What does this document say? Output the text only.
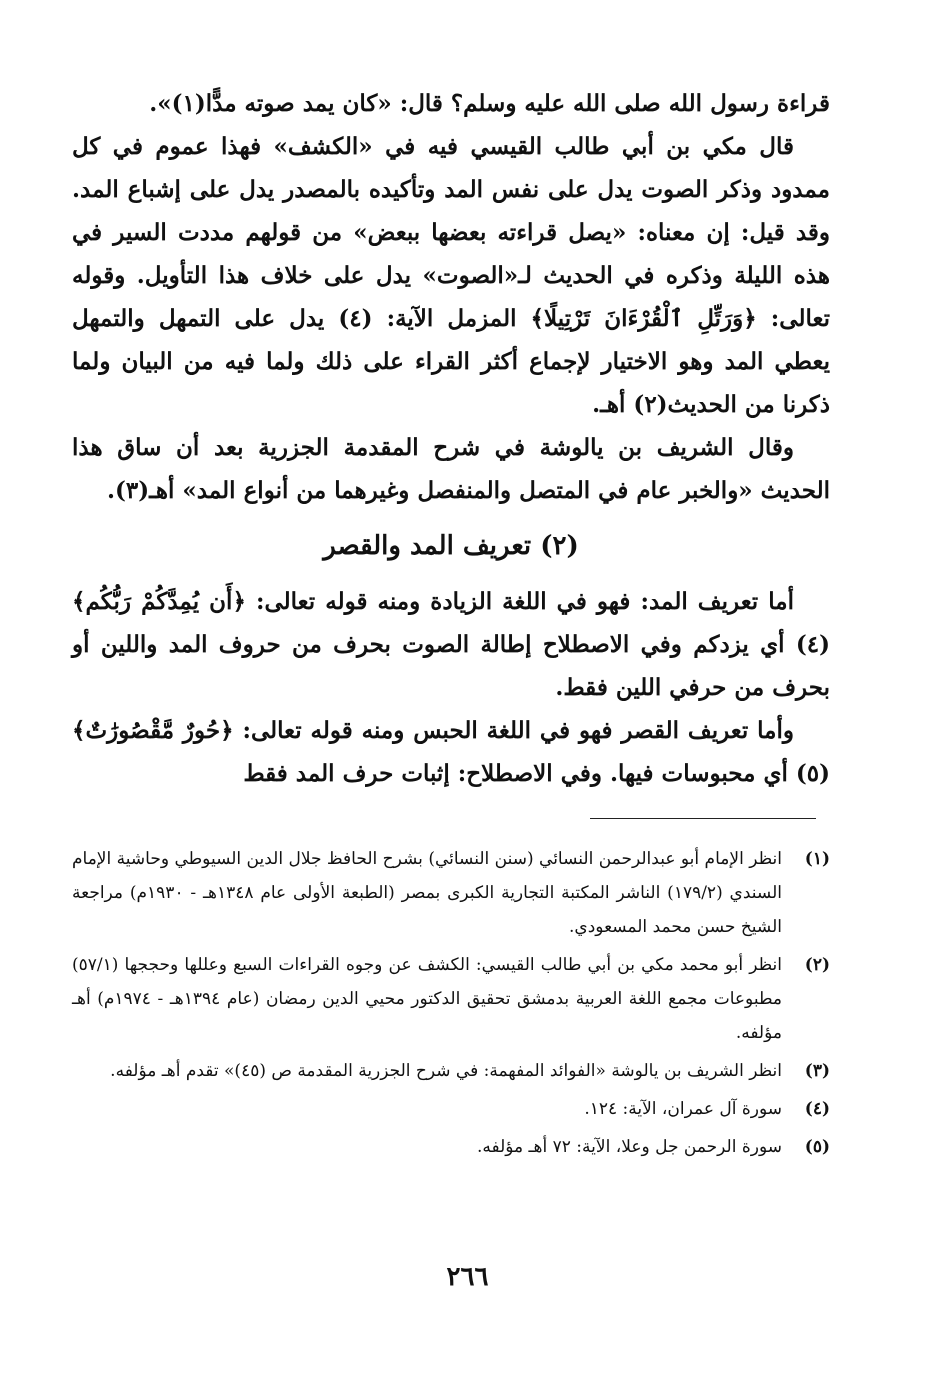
قراءة رسول الله صلى الله عليه وسلم؟ قال: «كان يمد صوته مدًّا(١)».

قال مكي بن أبي طالب القيسي فيه في «الكشف» فهذا عموم في كل ممدود وذكر الصوت يدل على نفس المد وتأكيده بالمصدر يدل على إشباع المد. وقد قيل: إن معناه: «يصل قراءته بعضها ببعض» من قولهم مددت السير في هذه الليلة وذكره في الحديث لـ«الصوت» يدل على خلاف هذا التأويل. وقوله تعالى: ﴿وَرَتِّلِ ٱلْقُرْءَانَ تَرْتِيلًا﴾ المزمل الآية: (٤) يدل على التمهل والتمهل يعطي المد وهو الاختيار لإجماع أكثر القراء على ذلك ولما فيه من البيان ولما ذكرنا من الحديث(٢) أهـ.

وقال الشريف بن يالوشة في شرح المقدمة الجزرية بعد أن ساق هذا الحديث «والخبر عام في المتصل والمنفصل وغيرهما من أنواع المد» أهـ(٣).

(٢) تعريف المد والقصر

أما تعريف المد: فهو في اللغة الزيادة ومنه قوله تعالى: ﴿أَن يُمِدَّكُمْ رَبُّكُم﴾(٤) أي يزدكم وفي الاصطلاح إطالة الصوت بحرف من حروف المد واللين أو بحرف من حرفي اللين فقط.

وأما تعريف القصر فهو في اللغة الحبس ومنه قوله تعالى: ﴿حُورٌ مَّقْصُورَٰتٌ﴾(٥) أي محبوسات فيها. وفي الاصطلاح: إثبات حرف المد فقط

(١)
انظر الإمام أبو عبدالرحمن النسائي (سنن النسائي) بشرح الحافظ جلال الدين السيوطي وحاشية الإمام السندي (١٧٩/٢) الناشر المكتبة التجارية الكبرى بمصر (الطبعة الأولى عام ١٣٤٨هـ - ١٩٣٠م) مراجعة الشيخ حسن محمد المسعودي.
(٢)
انظر أبو محمد مكي بن أبي طالب القيسي: الكشف عن وجوه القراءات السبع وعللها وحججها (٥٧/١) مطبوعات مجمع اللغة العربية بدمشق تحقيق الدكتور محيي الدين رمضان (عام ١٣٩٤هـ - ١٩٧٤م) أهـ مؤلفه.
(٣)
انظر الشريف بن يالوشة «الفوائد المفهمة: في شرح الجزرية المقدمة ص (٤٥)» تقدم أهـ مؤلفه.
(٤)
سورة آل عمران، الآية: ١٢٤.
(٥)
سورة الرحمن جل وعلا، الآية: ٧٢ أهـ مؤلفه.
٢٦٦
